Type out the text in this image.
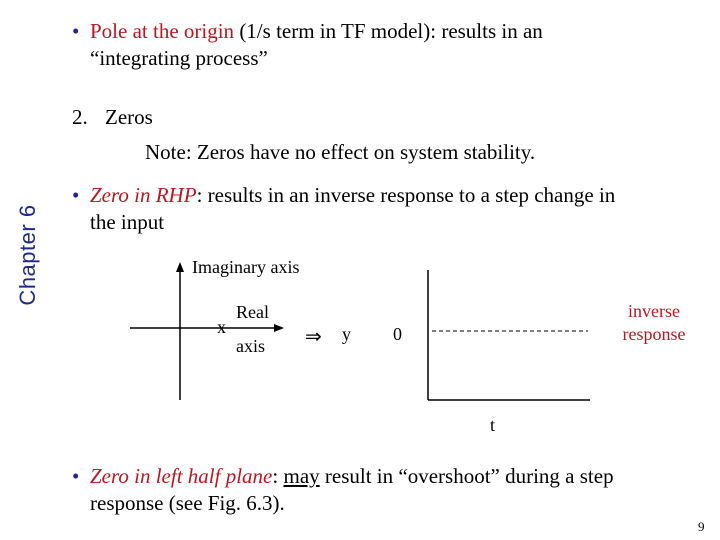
Chapter 6
• Pole at the origin (1/s term in TF model): results in an
“integrating process”
2. Zeros
Note: Zeros have no effect on system stability.
• Zero in RHP: results in an inverse response to a step change in
the input
Imaginary axis
Real
axis
x	⇒ y 0
inverse
response
t
• Zero in left half plane: may result in “overshoot” during a step
response (see Fig. 6.3).
9
